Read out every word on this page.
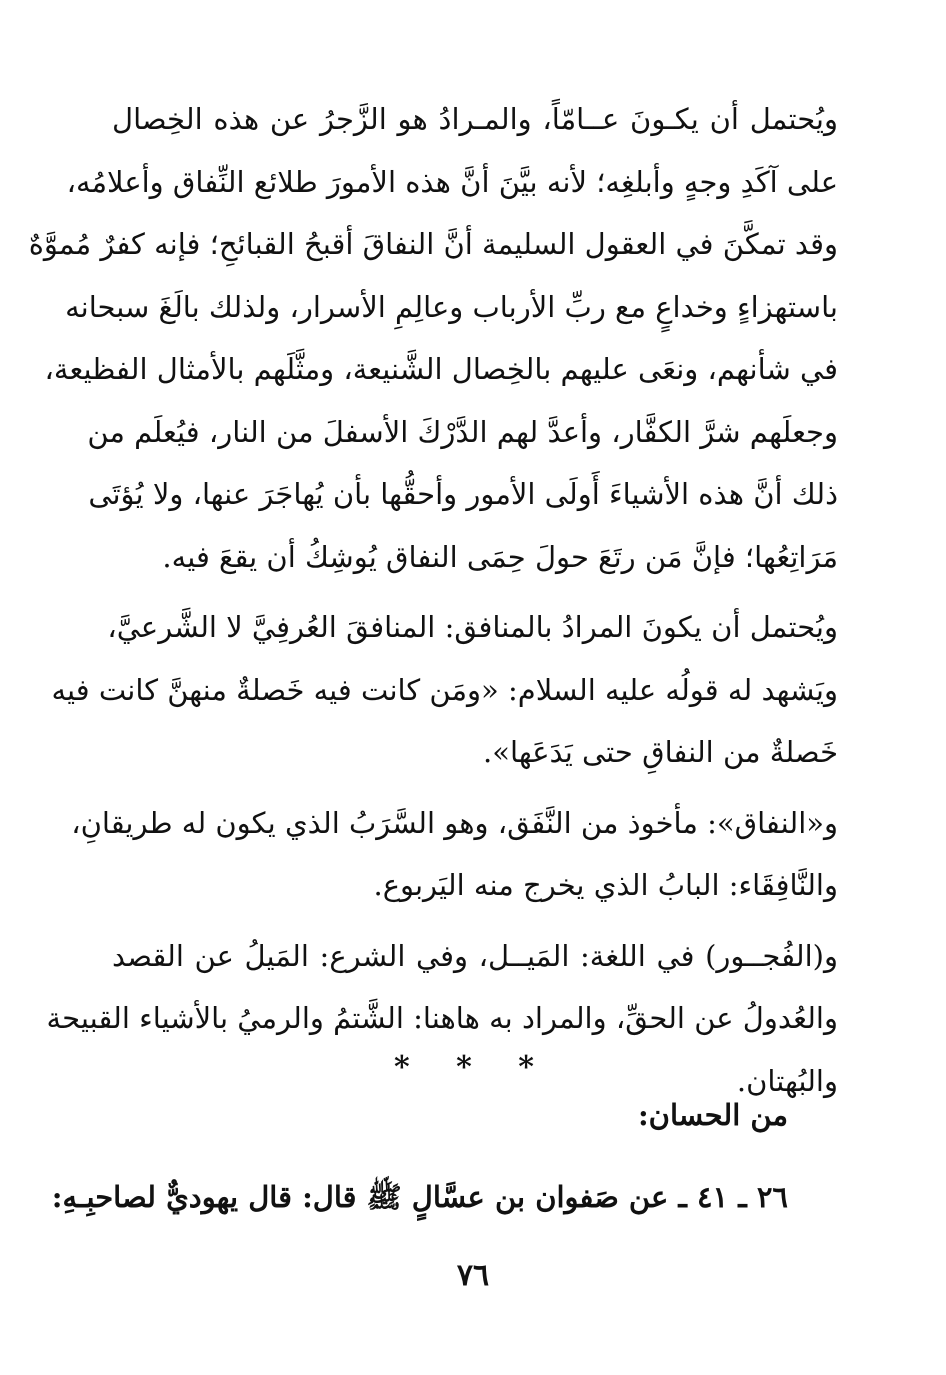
ويُحتمل أن يكـونَ عــامّاً، والمـرادُ هو الزَّجرُ عن هذه الخِصال
على آكَدِ وجهٍ وأبلغِه؛ لأنه بيَّنَ أنَّ هذه الأمورَ طلائع النِّفاق وأعلامُه،
وقد تمكَّنَ في العقول السليمة أنَّ النفاقَ أقبحُ القبائحِ؛ فإنه كفرٌ مُموَّهٌ
باستهزاءٍ وخداعٍ مع ربِّ الأرباب وعالِمِ الأسرار، ولذلك بالَغَ سبحانه
في شأنهم، ونعَى عليهم بالخِصال الشَّنيعة، ومثَّلَهم بالأمثال الفظيعة،
وجعلَهم شرَّ الكفَّار، وأعدَّ لهم الدَّرْكَ الأسفلَ من النار، فيُعلَم من
ذلك أنَّ هذه الأشياءَ أَولَى الأمور وأحقُّها بأن يُهاجَرَ عنها، ولا يُؤتَى
مَرَاتِعُها؛ فإنَّ مَن رتَعَ حولَ حِمَى النفاق يُوشِكُ أن يقعَ فيه.
ويُحتمل أن يكونَ المرادُ بالمنافق: المنافقَ العُرفِيَّ لا الشَّرعيَّ،
ويَشهد له قولُه عليه السلام: «ومَن كانت فيه خَصلةٌ منهنَّ كانت فيه
خَصلةٌ من النفاقِ حتى يَدَعَها».
و«النفاق»: مأخوذ من النَّفَق، وهو السَّرَبُ الذي يكون له طريقانِ،
والنَّافِقَاء: البابُ الذي يخرج منه اليَربوع.
و(الفُجــور) في اللغة: المَيــل، وفي الشرع: المَيلُ عن القصد
والعُدولُ عن الحقِّ، والمراد به هاهنا: الشَّتمُ والرميُ بالأشياء القبيحة
والبُهتان.
* * *
من الحسان:
٢٦ ـ ٤١ ـ عن صَفوان بن عسَّالٍ ﷺ قال: قال يهوديٌّ لصاحبِـهِ:
٧٦
